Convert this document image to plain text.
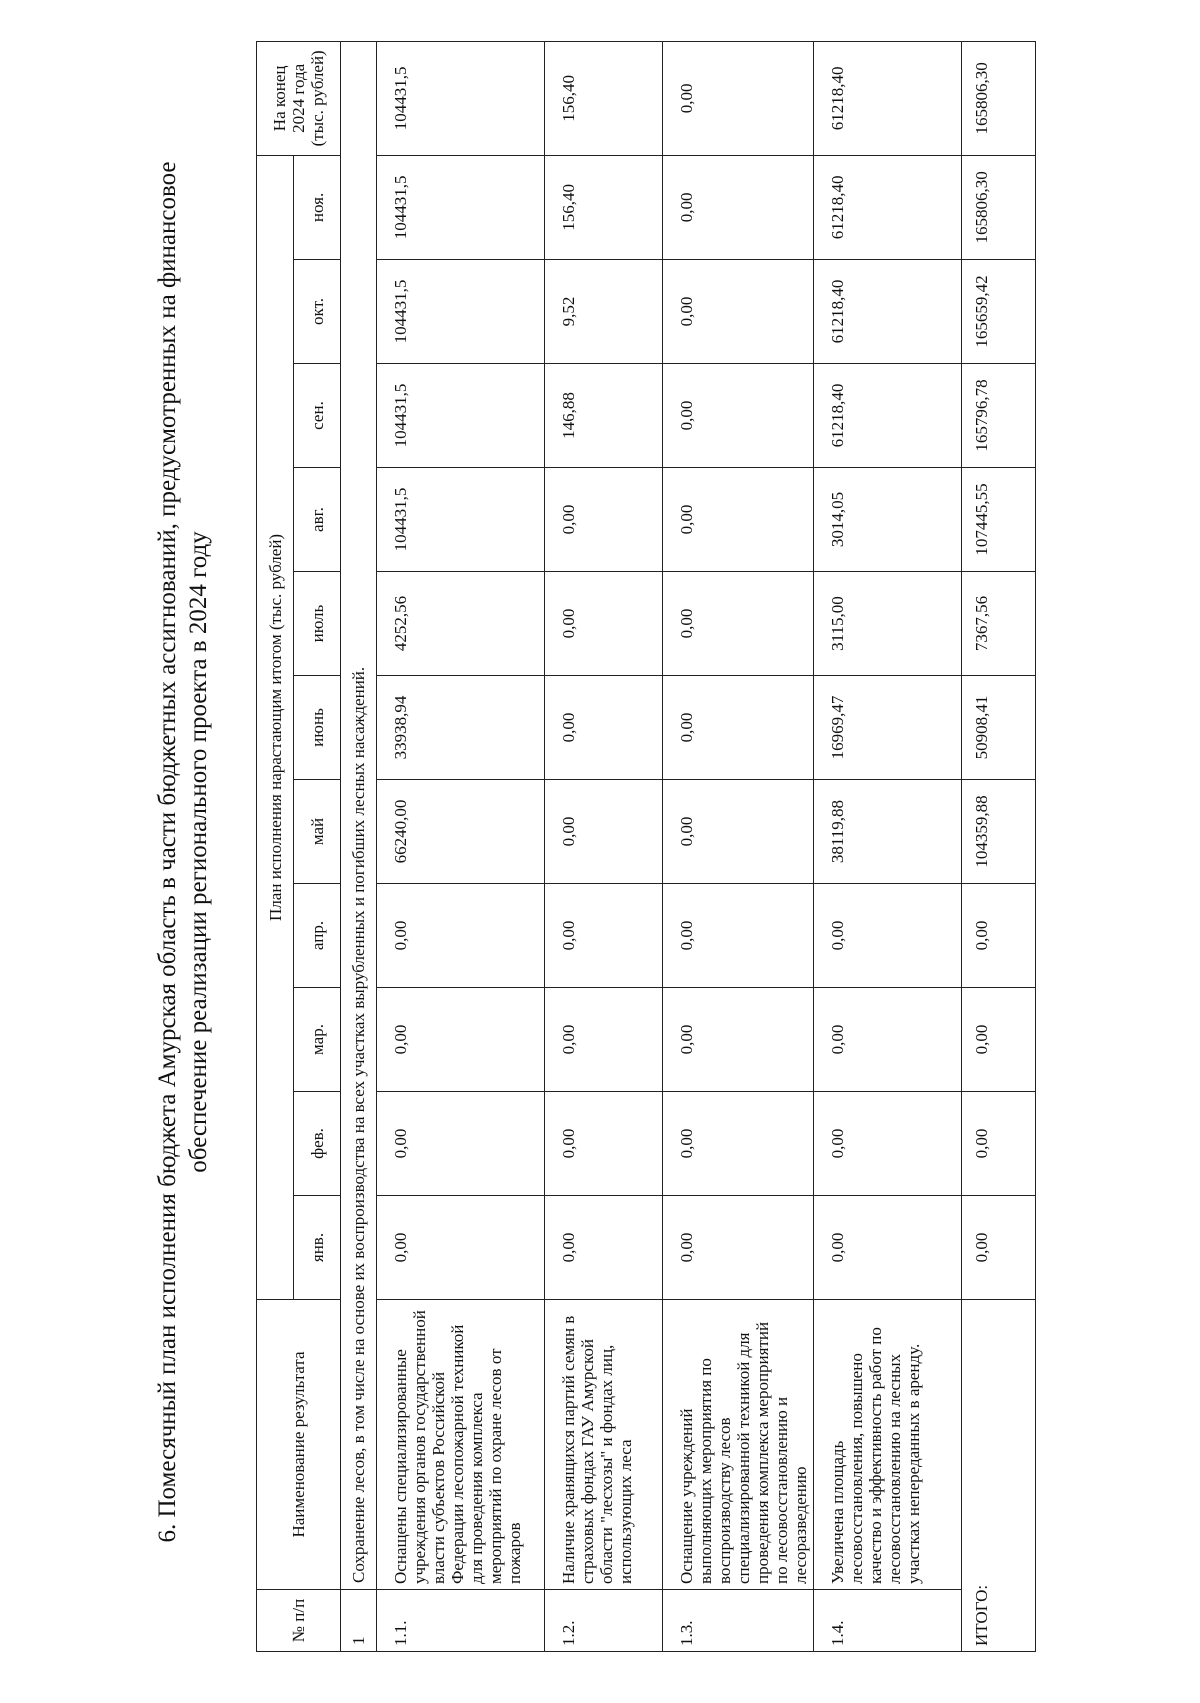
6. Помесячный план исполнения бюджета Амурская область в части бюджетных ассигнований, предусмотренных на финансовое обеспечение реализации регионального проекта в 2024 году
№ п/п	Наименование результата	План исполнения нарастающим итогом (тыс. рублей)											На конец 2024 года (тыс. рублей)
		янв.	фев.	мар.	апр.	май	июнь	июль	авг.	сен.	окт.	ноя.	
1	Сохранение лесов, в том числе на основе их воспроизводства на всех участках вырубленных и погибших лесных насаждений.												
1.1.	Оснащены специализированные учреждения органов государственной власти субъектов Российской Федерации лесопожарной техникой для проведения комплекса мероприятий по охране лесов от пожаров	0,00	0,00	0,00	0,00	66240,00	33938,94	4252,56	104431,5	104431,5	104431,5	104431,5	104431,5
1.2.	Наличие хранящихся партий семян в страховых фондах ГАУ Амурской области "лесхозы" и фондах лиц, использующих леса	0,00	0,00	0,00	0,00	0,00	0,00	0,00	0,00	146,88	9,52	156,40	156,40
1.3.	Оснащение учреждений выполняющих мероприятия по воспроизводству лесов специализированной техникой для проведения комплекса мероприятий по лесовосстановлению и лесоразведению	0,00	0,00	0,00	0,00	0,00	0,00	0,00	0,00	0,00	0,00	0,00	0,00
1.4.	Увеличена площадь лесовосстановления, повышено качество и эффективность работ по лесовосстановлению на лесных участках непереданных в аренду.	0,00	0,00	0,00	0,00	38119,88	16969,47	3115,00	3014,05	61218,40	61218,40	61218,40	61218,40
ИТОГО:		0,00	0,00	0,00	0,00	104359,88	50908,41	7367,56	107445,55	165796,78	165659,42	165806,30	165806,30
